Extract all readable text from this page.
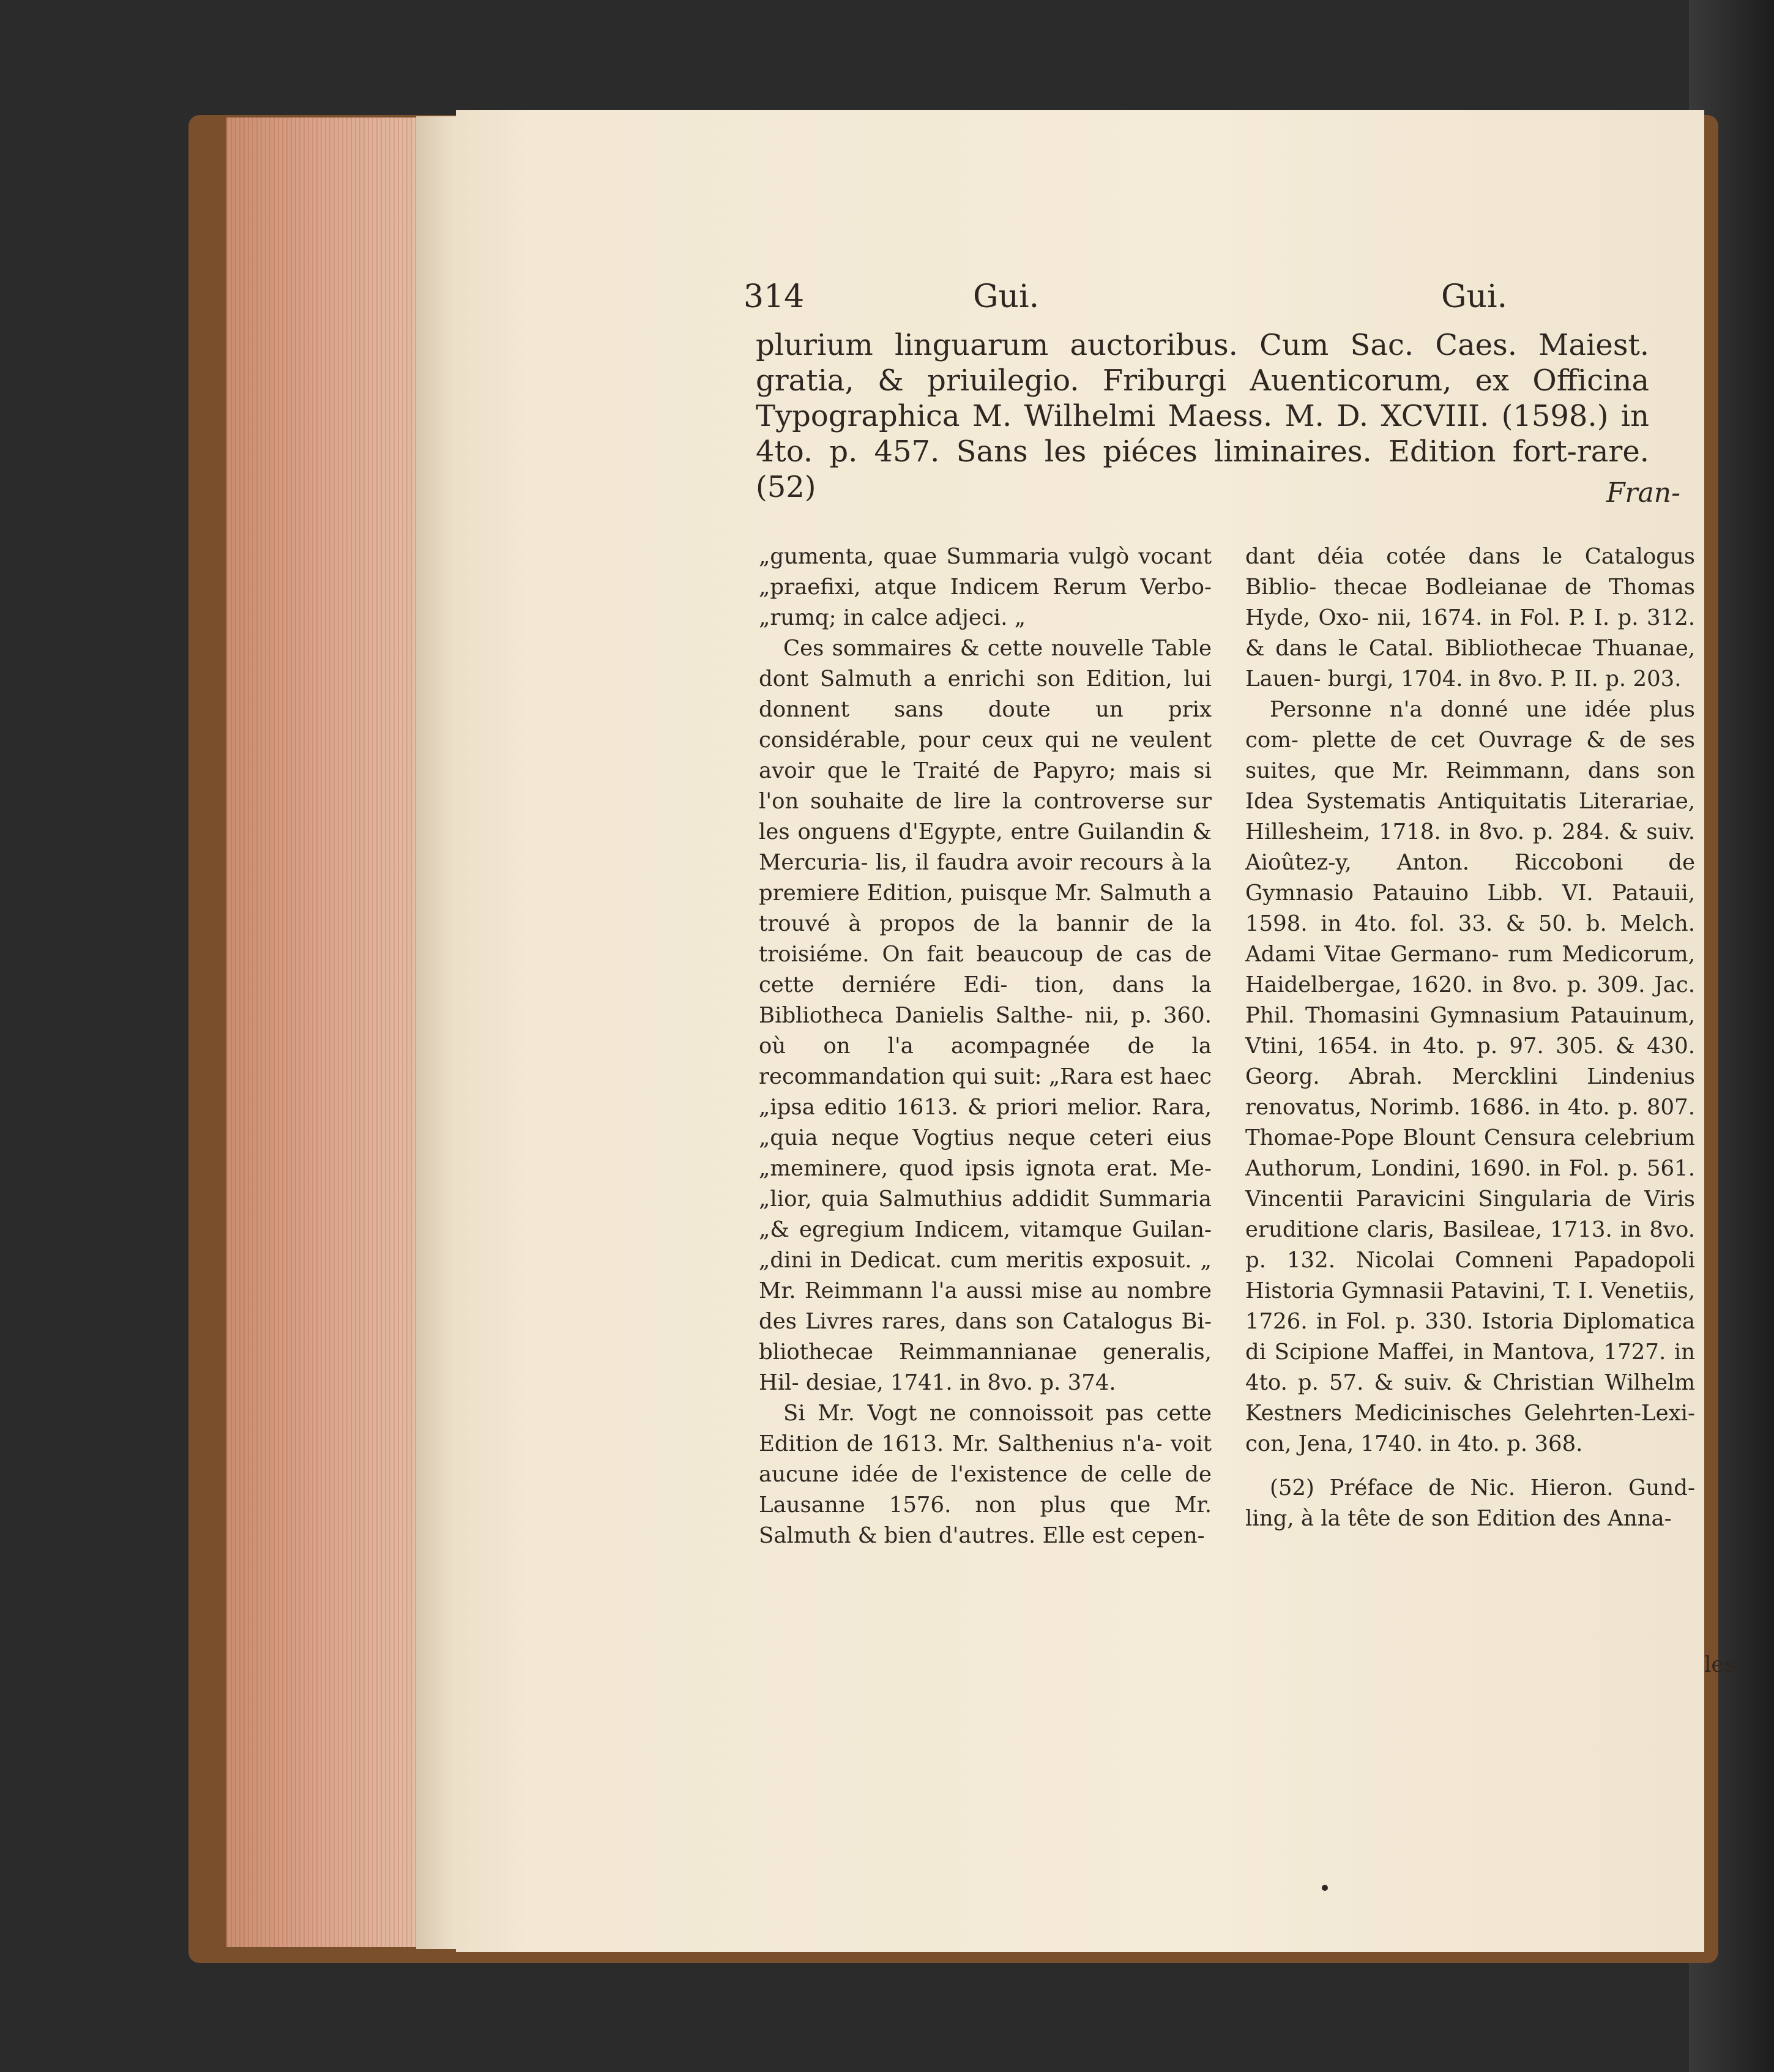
314	Gui.	Gui.

plurium linguarum auctoribus. Cum Sac. Caes. Maiest. gratia, & priuilegio. Friburgi Auenticorum, ex Officina Typographica M. Wilhelmi Maess. M. D. XCVIII. (1598.) in 4to. p. 457. Sans les piéces liminaires. Edition fort-rare. (52)	Fran-

„gumenta, quae Summaria vulgò vocant „praefixi, atque Indicem Rerum Verbo- „rumq; in calce adjeci. „

Ces sommaires & cette nouvelle Table dont Salmuth a enrichi son Edition, lui donnent sans doute un prix considérable, pour ceux qui ne veulent avoir que le Traité de Papyro; mais si l'on souhaite de lire la controverse sur les onguens d'Egypte, entre Guilandin & Mercuria- lis, il faudra avoir recours à la premiere Edition, puisque Mr. Salmuth a trouvé à propos de la bannir de la troisiéme. On fait beaucoup de cas de cette derniére Edi- tion, dans la Bibliotheca Danielis Salthe- nii, p. 360. où on l'a acompagnée de la recommandation qui suit: „Rara est haec „ipsa editio 1613. & priori melior. Rara, „quia neque Vogtius neque ceteri eius „meminere, quod ipsis ignota erat. Me- „lior, quia Salmuthius addidit Summaria „& egregium Indicem, vitamque Guilan- „dini in Dedicat. cum meritis exposuit. „ Mr. Reimmann l'a aussi mise au nombre des Livres rares, dans son Catalogus Bi- bliothecae Reimmannianae generalis, Hil- desiae, 1741. in 8vo. p. 374.

Si Mr. Vogt ne connoissoit pas cette Edition de 1613. Mr. Salthenius n'a- voit aucune idée de l'existence de celle de Lausanne 1576. non plus que Mr. Salmuth & bien d'autres. Elle est cepen-

dant déia cotée dans le Catalogus Biblio- thecae Bodleianae de Thomas Hyde, Oxo- nii, 1674. in Fol. P. I. p. 312. & dans le Catal. Bibliothecae Thuanae, Lauen- burgi, 1704. in 8vo. P. II. p. 203.

Personne n'a donné une idée plus com- plette de cet Ouvrage & de ses suites, que Mr. Reimmann, dans son Idea Systematis Antiquitatis Literariae, Hillesheim, 1718. in 8vo. p. 284. & suiv. Aioûtez-y, Anton. Riccoboni de Gymnasio Patauino Libb. VI. Patauii, 1598. in 4to. fol. 33. & 50. b. Melch. Adami Vitae Germano- rum Medicorum, Haidelbergae, 1620. in 8vo. p. 309. Jac. Phil. Thomasini Gymnasium Patauinum, Vtini, 1654. in 4to. p. 97. 305. & 430. Georg. Abrah. Mercklini Lindenius renovatus, Norimb. 1686. in 4to. p. 807. Thomae-Pope Blount Censura celebrium Authorum, Londini, 1690. in Fol. p. 561. Vincentii Paravicini Singularia de Viris eruditione claris, Basileae, 1713. in 8vo. p. 132. Nicolai Comneni Papadopoli Historia Gymnasii Patavini, T. I. Venetiis, 1726. in Fol. p. 330. Istoria Diplomatica di Scipione Maffei, in Mantova, 1727. in 4to. p. 57. & suiv. & Christian Wilhelm Kestners Medicinisches Gelehrten-Lexi- con, Jena, 1740. in 4to. p. 368.

(52) Préface de Nic. Hieron. Gund- ling, à la tête de son Edition des Anna-

les
